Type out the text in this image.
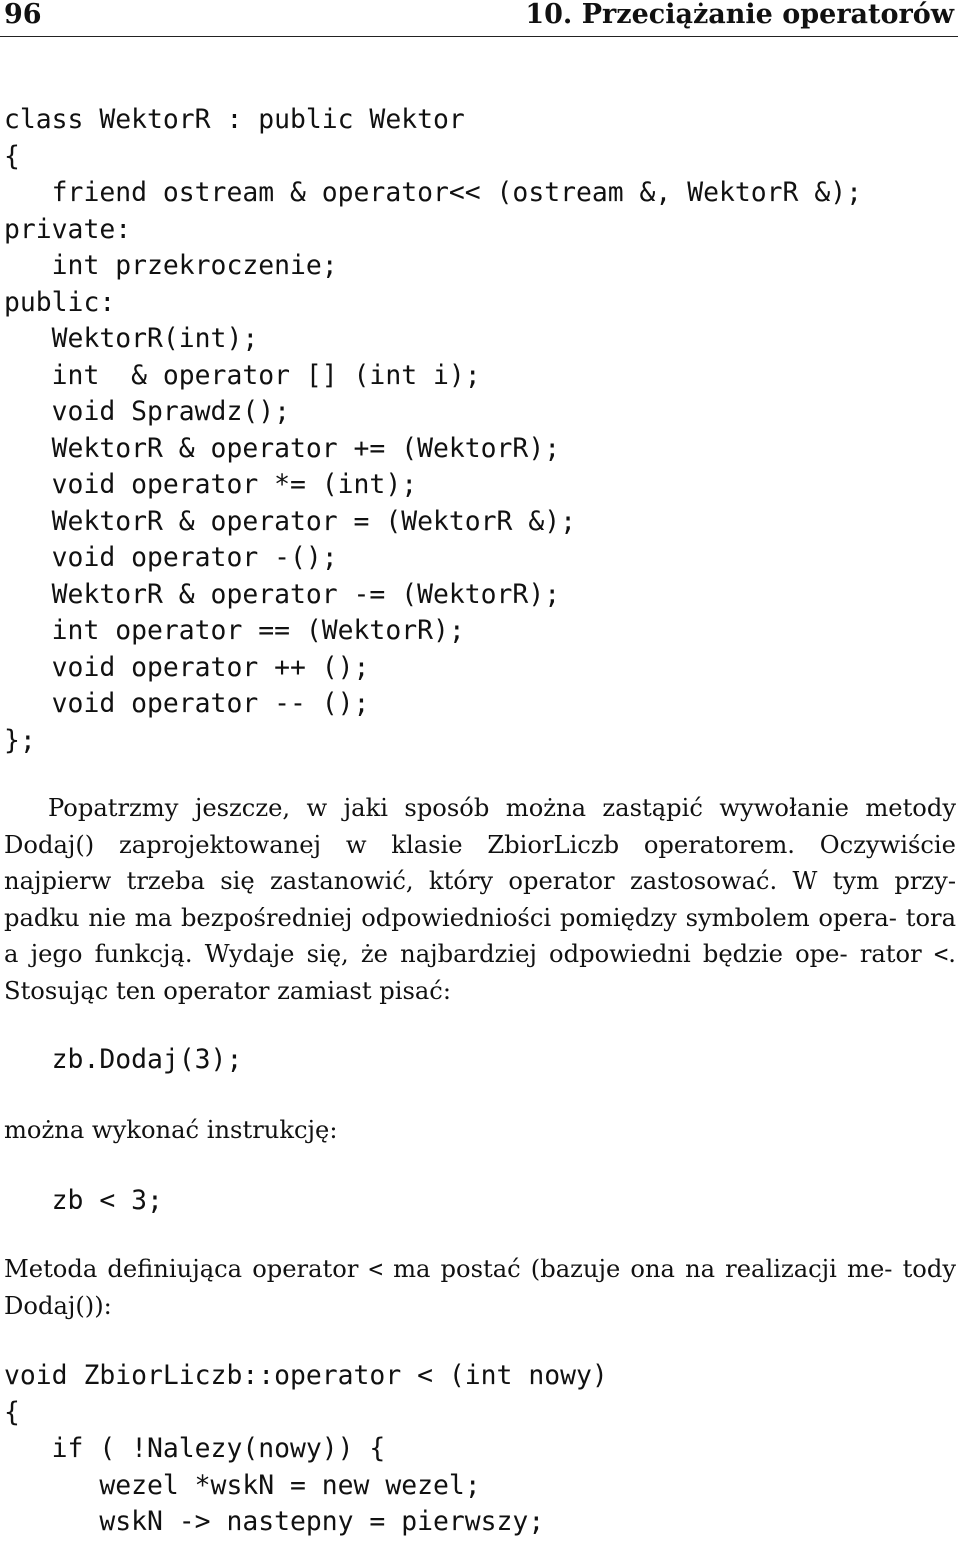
96	10. Przeciążanie operatorów
class WektorR : public Wektor
{
friend ostream & operator<< (ostream &, WektorR &);
private:
int przekroczenie;
public:
WektorR(int);
int  & operator [] (int i);
void Sprawdz();
WektorR & operator += (WektorR);
void operator *= (int);
WektorR & operator = (WektorR &);
void operator -();
WektorR & operator -= (WektorR);
int operator == (WektorR);
void operator ++ ();
void operator -- ();
};
Popatrzmy jeszcze, w jaki sposób można zastąpić wywołanie metody Dodaj() zaprojektowanej w klasie ZbiorLiczb operatorem. Oczywiście najpierw trzeba się zastanowić, który operator zastosować. W tym przy- padku nie ma bezpośredniej odpowiedniości pomiędzy symbolem opera- tora a jego funkcją. Wydaje się, że najbardziej odpowiedni będzie ope- rator <. Stosując ten operator zamiast pisać:
zb.Dodaj(3);
można wykonać instrukcję:
zb < 3;
Metoda definiująca operator < ma postać (bazuje ona na realizacji me- tody Dodaj()):
void ZbiorLiczb::operator < (int nowy)
{
if ( !Nalezy(nowy)) {
wezel *wskN = new wezel;
wskN -> nastepny = pierwszy;
